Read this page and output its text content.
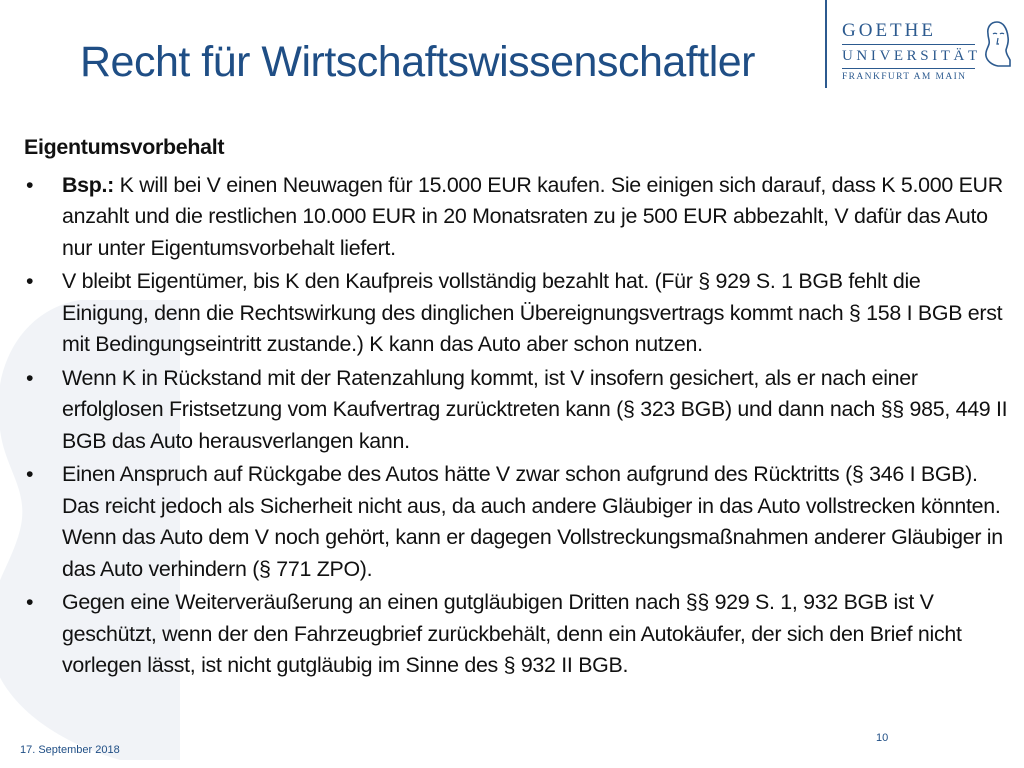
Recht für Wirtschaftswissenschaftler
GOETHE
UNIVERSITÄT
FRANKFURT AM MAIN
Eigentumsvorbehalt
• Bsp.: K will bei V einen Neuwagen für 15.000 EUR kaufen. Sie einigen sich darauf, dass K 5.000 EUR anzahlt und die restlichen 10.000 EUR in 20 Monatsraten zu je 500 EUR abbezahlt, V dafür das Auto nur unter Eigentumsvorbehalt liefert.
• V bleibt Eigentümer, bis K den Kaufpreis vollständig bezahlt hat. (Für § 929 S. 1 BGB fehlt die Einigung, denn die Rechtswirkung des dinglichen Übereignungsvertrags kommt nach § 158 I BGB erst mit Bedingungseintritt zustande.) K kann das Auto aber schon nutzen.
• Wenn K in Rückstand mit der Ratenzahlung kommt, ist V insofern gesichert, als er nach einer erfolglosen Fristsetzung vom Kaufvertrag zurücktreten kann (§ 323 BGB) und dann nach §§ 985, 449 II BGB das Auto herausverlangen kann.
• Einen Anspruch auf Rückgabe des Autos hätte V zwar schon aufgrund des Rücktritts (§ 346 I BGB). Das reicht jedoch als Sicherheit nicht aus, da auch andere Gläubiger in das Auto vollstrecken könnten. Wenn das Auto dem V noch gehört, kann er dagegen Vollstreckungsmaßnahmen anderer Gläubiger in das Auto verhindern (§ 771 ZPO).
• Gegen eine Weiterveräußerung an einen gutgläubigen Dritten nach §§ 929 S. 1, 932 BGB ist V geschützt, wenn der den Fahrzeugbrief zurückbehält, denn ein Autokäufer, der sich den Brief nicht vorlegen lässt, ist nicht gutgläubig im Sinne des § 932 II BGB.
17. September 2018
10
